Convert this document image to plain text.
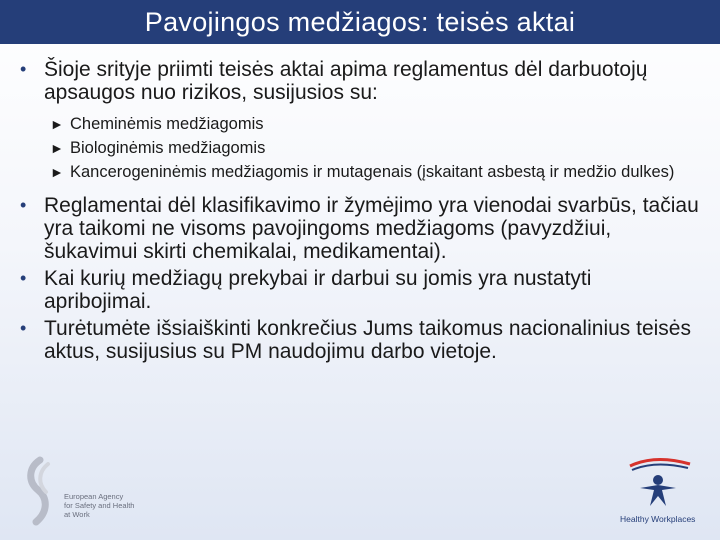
Pavojingos medžiagos: teisės aktai
• Šioje srityje priimti teisės aktai apima reglamentus dėl darbuotojų apsaugos nuo rizikos, susijusios su:
► Cheminėmis medžiagomis
► Biologinėmis medžiagomis
► Kancerogeninėmis medžiagomis ir mutagenais (įskaitant asbestą ir medžio dulkes)
• Reglamentai dėl klasifikavimo ir žymėjimo yra vienodai svarbūs, tačiau yra taikomi ne visoms pavojingoms medžiagoms (pavyzdžiui, šukavimui skirti chemikalai, medikamentai).
• Kai kurių medžiagų prekybai ir darbui su jomis yra nustatyti apribojimai.
• Turėtumėte išsiaiškinti konkrečius Jums taikomus nacionalinius teisės aktus, susijusius su PM naudojimu darbo vietoje.
European Agency
for Safety and Health
at Work	Healthy Workplaces
